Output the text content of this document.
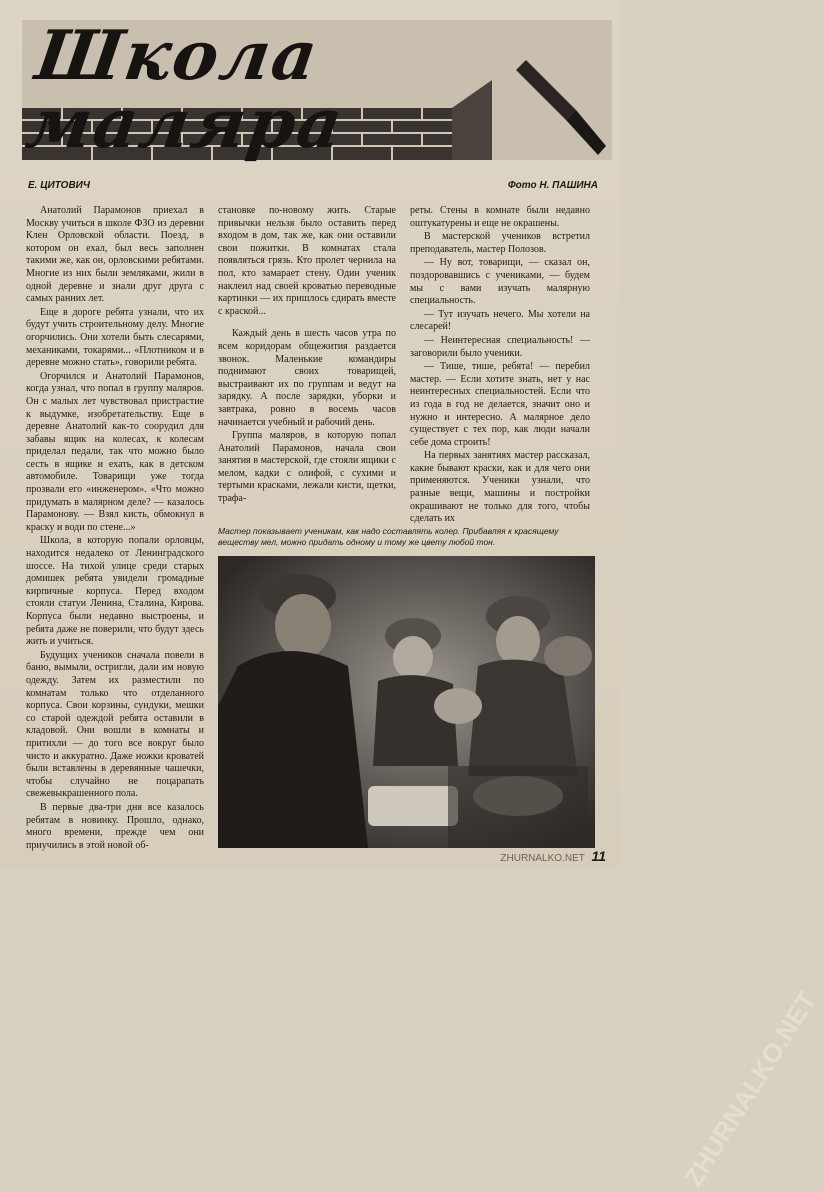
Школа маляра
Е. ЦИТОВИЧ	Фото Н. ПАШИНА

Анатолий Парамонов приехал в Москву учиться в школе ФЗО из деревни Клен Орловской области. Поезд, в котором он ехал, был весь заполнен такими же, как он, орловскими ребятами. Многие из них были земляками, жили в одной деревне и знали друг друга с самых ранних лет.

Еще в дороге ребята узнали, что их будут учить строительному делу. Многие огорчились. Они хотели быть слесарями, механиками, токарями... «Плотником и в деревне можно стать», говорили ребята.

Огорчился и Анатолий Парамонов, когда узнал, что попал в группу маляров. Он с малых лет чувствовал пристрастие к выдумке, изобретательству. Еще в деревне Анатолий как-то соорудил для забавы ящик на колесах, к колесам приделал педали, так что можно было сесть в ящике и ехать, как в детском автомобиле. Товарищи уже тогда прозвали его «инженером». «Что можно придумать в малярном деле? — казалось Парамонову. — Взял кисть, обмокнул в краску и води по стене...»

Школа, в которую попали орловцы, находится недалеко от Ленинградского шоссе. На тихой улице среди старых домишек ребята увидели громадные кирпичные корпуса. Перед входом стояли статуи Ленина, Сталина, Кирова. Корпуса были недавно выстроены, и ребята даже не поверили, что будут здесь жить и учиться.

Будущих учеников сначала повели в баню, вымыли, остригли, дали им новую одежду. Затем их разместили по комнатам только что отделанного корпуса. Свои корзины, сундуки, мешки со старой одеждой ребята оставили в кладовой. Они вошли в комнаты и притихли — до того все вокруг было чисто и аккуратно. Даже ножки кроватей были вставлены в деревянные чашечки, чтобы случайно не поцарапать свежевыкрашенного пола.

В первые два-три дня все казалось ребятам в новинку. Прошло, однако, много времени, прежде чем они приучились в этой новой об-

становке по-новому жить. Старые привычки нельзя было оставить перед входом в дом, так же, как они оставили свои пожитки. В комнатах стала появляться грязь. Кто пролет чернила на пол, кто замарает стену. Один ученик наклеил над своей кроватью переводные картинки — их пришлось сдирать вместе с краской...

Каждый день в шесть часов утра по всем коридорам общежития раздается звонок. Маленькие командиры поднимают своих товарищей, выстраивают их по группам и ведут на зарядку. А после зарядки, уборки и завтрака, ровно в восемь часов начинается учебный и рабочий день.

Группа маляров, в которую попал Анатолий Парамонов, начала свои занятия в мастерской, где стояли ящики с мелом, кадки с олифой, с сухими и тертыми красками, лежали кисти, щетки, трафа-

реты. Стены в комнате были недавно оштукатурены и еще не окрашены.

В мастерской учеников встретил преподаватель, мастер Полозов.

— Ну вот, товарищи, — сказал он, поздоровавшись с учениками, — будем мы с вами изучать малярную специальность.

— Тут изучать нечего. Мы хотели на слесарей!

— Неинтересная специальность! — заговорили было ученики.

— Тише, тише, ребята! — перебил мастер. — Если хотите знать, нет у нас неинтересных специальностей. Если что из года в год не делается, значит оно и нужно и интересно. А малярное дело существует с тех пор, как люди начали себе дома строить!

На первых занятиях мастер рассказал, какие бывают краски, как и для чего они применяются. Ученики узнали, что разные вещи, машины и постройки окрашивают не только для того, чтобы сделать их

Мастер показывает ученикам, как надо составлять колер. Прибавляя к красящему веществу мел, можно придать одному и тому же цвету любой тон.
ZHURNALKO.NET
ZHURNALKO.NET 11
